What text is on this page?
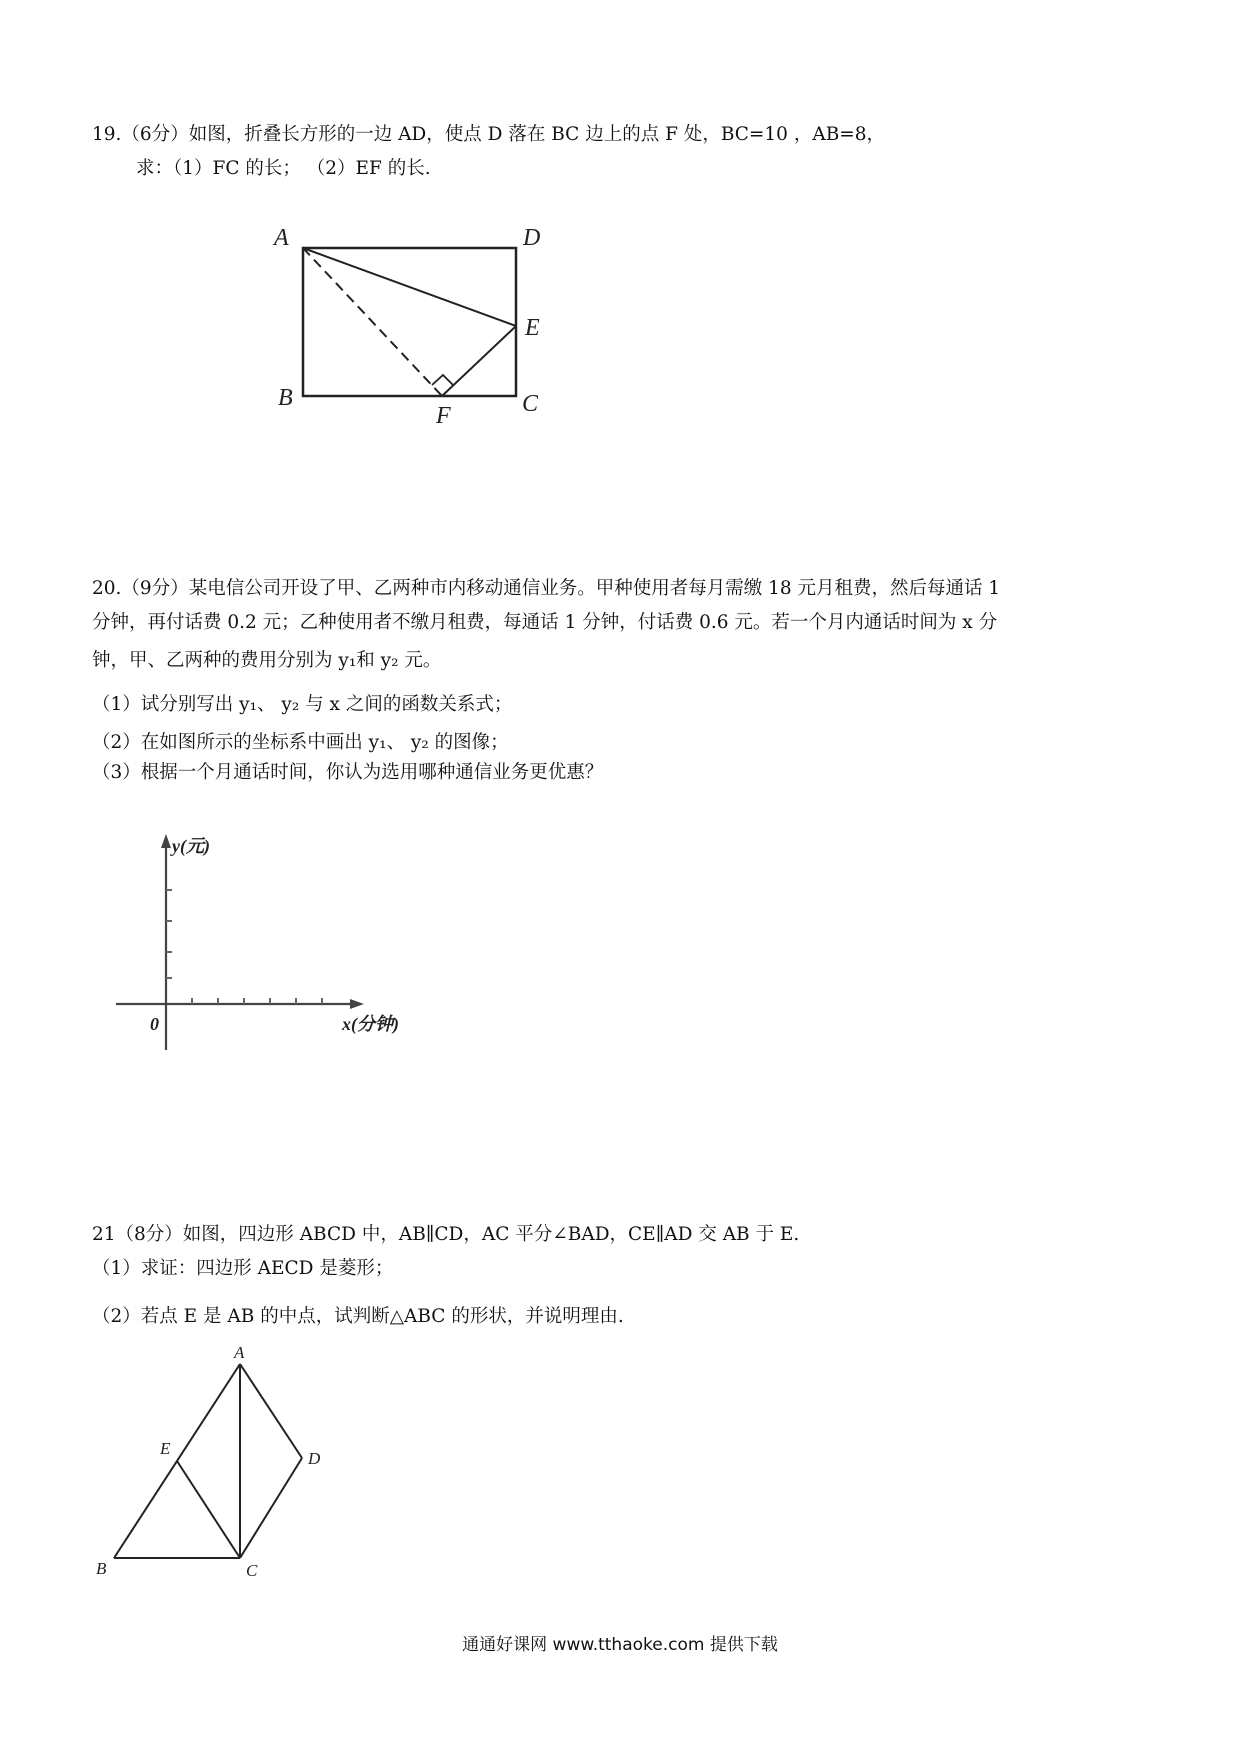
19.（6分）如图，折叠长方形的一边 AD，使点 D 落在 BC 边上的点 F 处，BC=10 ，AB=8，
求：（1）FC 的长； （2）EF 的长.
A	D
E
B
F	C
20.（9分）某电信公司开设了甲、乙两种市内移动通信业务。甲种使用者每月需缴 18 元月租费，然后每通话 1
分钟，再付话费 0.2 元；乙种使用者不缴月租费，每通话 1 分钟，付话费 0.6 元。若一个月内通话时间为 x 分
钟，甲、乙两种的费用分别为 y₁和 y₂ 元。
（1）试分别写出 y₁、 y₂ 与 x 之间的函数关系式；
（2）在如图所示的坐标系中画出 y₁、 y₂ 的图像；
（3）根据一个月通话时间，你认为选用哪种通信业务更优惠？
y(元)
x(分钟)
0
21（8分）如图，四边形 ABCD 中，AB∥CD，AC 平分∠BAD，CE∥AD 交 AB 于 E.
（1）求证：四边形 AECD 是菱形；
（2）若点 E 是 AB 的中点，试判断△ABC 的形状，并说明理由.
A
E
D
B	C
通通好课网 www.tthaoke.com 提供下载
